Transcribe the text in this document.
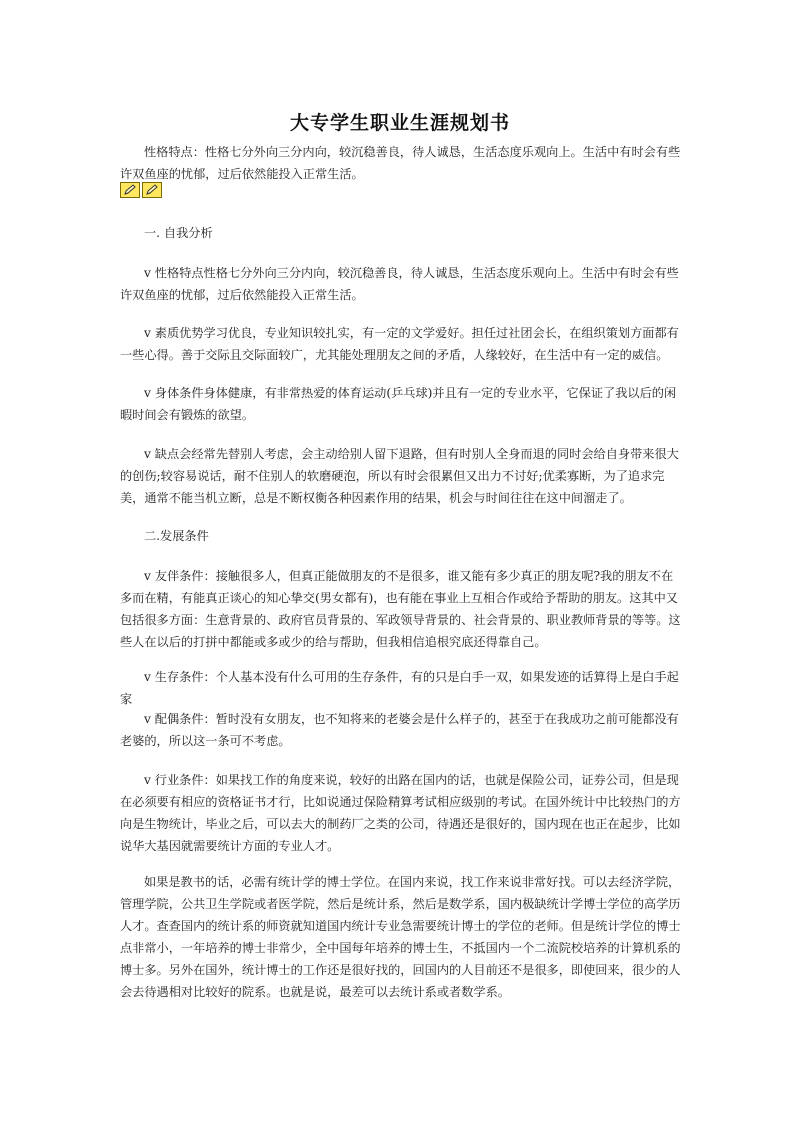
大专学生职业生涯规划书
性格特点：性格七分外向三分内向，较沉稳善良，待人诚恳，生活态度乐观向上。生活中有时会有些许双鱼座的忧郁，过后依然能投入正常生活。
一. 自我分析
v 性格特点性格七分外向三分内向，较沉稳善良，待人诚恳，生活态度乐观向上。生活中有时会有些许双鱼座的忧郁，过后依然能投入正常生活。
v 素质优势学习优良，专业知识较扎实，有一定的文学爱好。担任过社团会长，在组织策划方面都有一些心得。善于交际且交际面较广，尤其能处理朋友之间的矛盾，人缘较好，在生活中有一定的威信。
v 身体条件身体健康，有非常热爱的体育运动(乒乓球)并且有一定的专业水平，它保证了我以后的闲暇时间会有锻炼的欲望。
v 缺点会经常先替别人考虑，会主动给别人留下退路，但有时别人全身而退的同时会给自身带来很大的创伤;较容易说话，耐不住别人的软磨硬泡，所以有时会很累但又出力不讨好;优柔寡断，为了追求完美，通常不能当机立断，总是不断权衡各种因素作用的结果，机会与时间往往在这中间溜走了。
二.发展条件
v 友伴条件：接触很多人，但真正能做朋友的不是很多，谁又能有多少真正的朋友呢?我的朋友不在多而在精，有能真正谈心的知心挚交(男女都有)，也有能在事业上互相合作或给予帮助的朋友。这其中又包括很多方面：生意背景的、政府官员背景的、军政领导背景的、社会背景的、职业教师背景的等等。这些人在以后的打拼中都能或多或少的给与帮助，但我相信追根究底还得靠自己。
v 生存条件：个人基本没有什么可用的生存条件，有的只是白手一双，如果发迹的话算得上是白手起家
v 配偶条件：暂时没有女朋友，也不知将来的老婆会是什么样子的，甚至于在我成功之前可能都没有老婆的，所以这一条可不考虑。
v 行业条件：如果找工作的角度来说，较好的出路在国内的话，也就是保险公司，证券公司，但是现在必须要有相应的资格证书才行，比如说通过保险精算考试相应级别的考试。在国外统计中比较热门的方向是生物统计，毕业之后，可以去大的制药厂之类的公司，待遇还是很好的，国内现在也正在起步，比如说华大基因就需要统计方面的专业人才。
如果是教书的话，必需有统计学的博士学位。在国内来说，找工作来说非常好找。可以去经济学院，管理学院，公共卫生学院或者医学院，然后是统计系，然后是数学系，国内极缺统计学博士学位的高学历人才。查查国内的统计系的师资就知道国内统计专业急需要统计博士的学位的老师。但是统计学位的博士点非常小，一年培养的博士非常少，全中国每年培养的博士生，不抵国内一个二流院校培养的计算机系的博士多。另外在国外，统计博士的工作还是很好找的，回国内的人目前还不是很多，即使回来，很少的人会去待遇相对比较好的院系。也就是说，最差可以去统计系或者数学系。
